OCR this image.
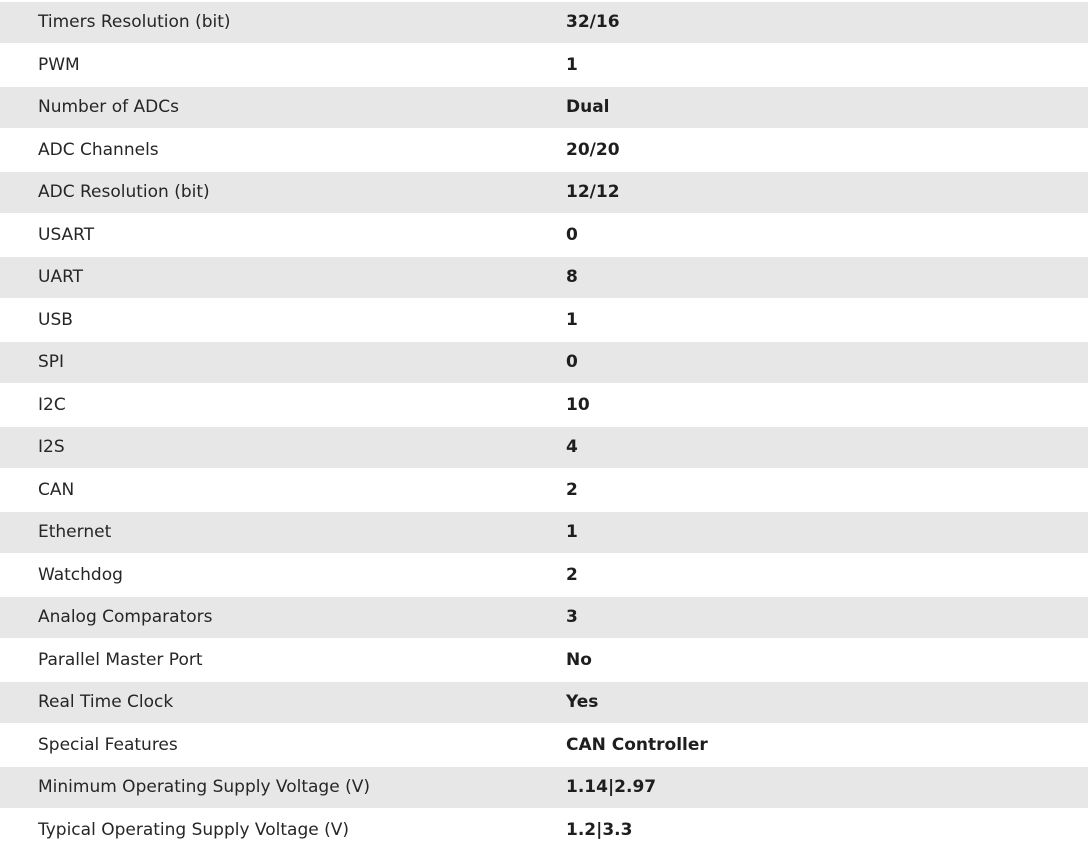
Timers Resolution (bit)	32/16
PWM	1
Number of ADCs	Dual
ADC Channels	20/20
ADC Resolution (bit)	12/12
USART	0
UART	8
USB	1
SPI	0
I2C	10
I2S	4
CAN	2
Ethernet	1
Watchdog	2
Analog Comparators	3
Parallel Master Port	No
Real Time Clock	Yes
Special Features	CAN Controller
Minimum Operating Supply Voltage (V)	1.14|2.97
Typical Operating Supply Voltage (V)	1.2|3.3
